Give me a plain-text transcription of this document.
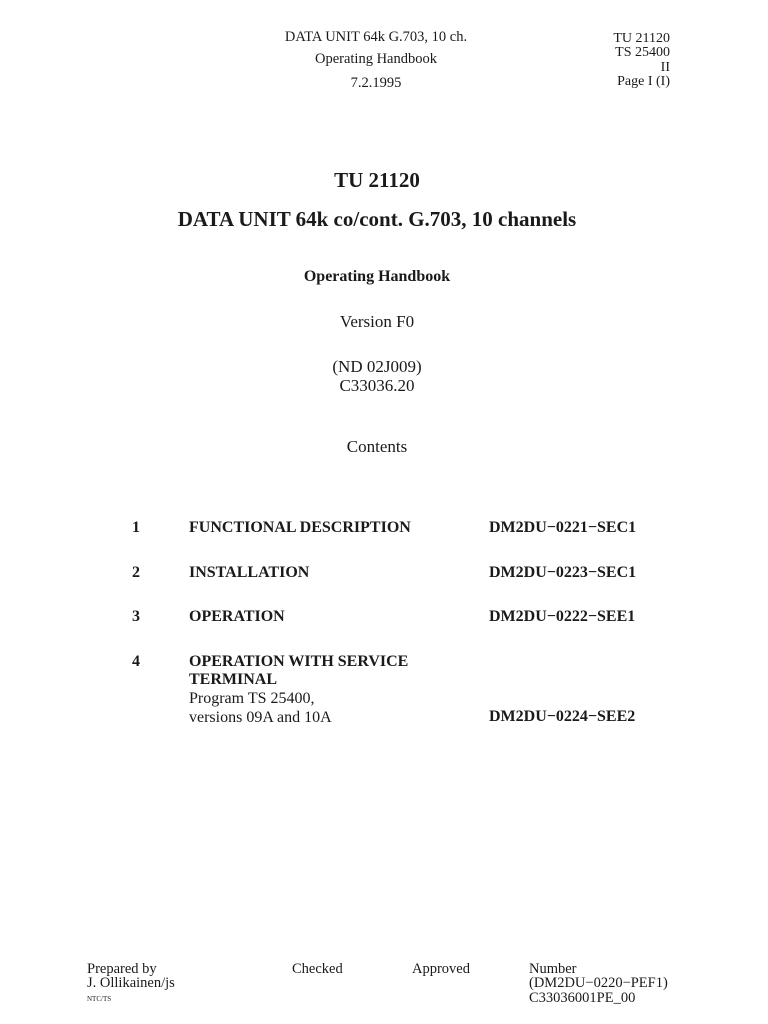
DATA UNIT 64k G.703, 10 ch.
Operating Handbook
7.2.1995
TU 21120
TS 25400
II
Page I (I)
TU 21120
DATA UNIT 64k co/cont. G.703, 10 channels
Operating Handbook
Version F0
(ND 02J009)
C33036.20
Contents
1	FUNCTIONAL DESCRIPTION	DM2DU−0221−SEC1
2	INSTALLATION	DM2DU−0223−SEC1
3	OPERATION	DM2DU−0222−SEE1
4	OPERATION WITH SERVICE
TERMINAL
Program TS 25400,
versions 09A and 10A	DM2DU−0224−SEE2
Prepared by
J. Ollikainen/js
NTC/TS
Checked	Approved	Number
(DM2DU−0220−PEF1)
C33036001PE_00
